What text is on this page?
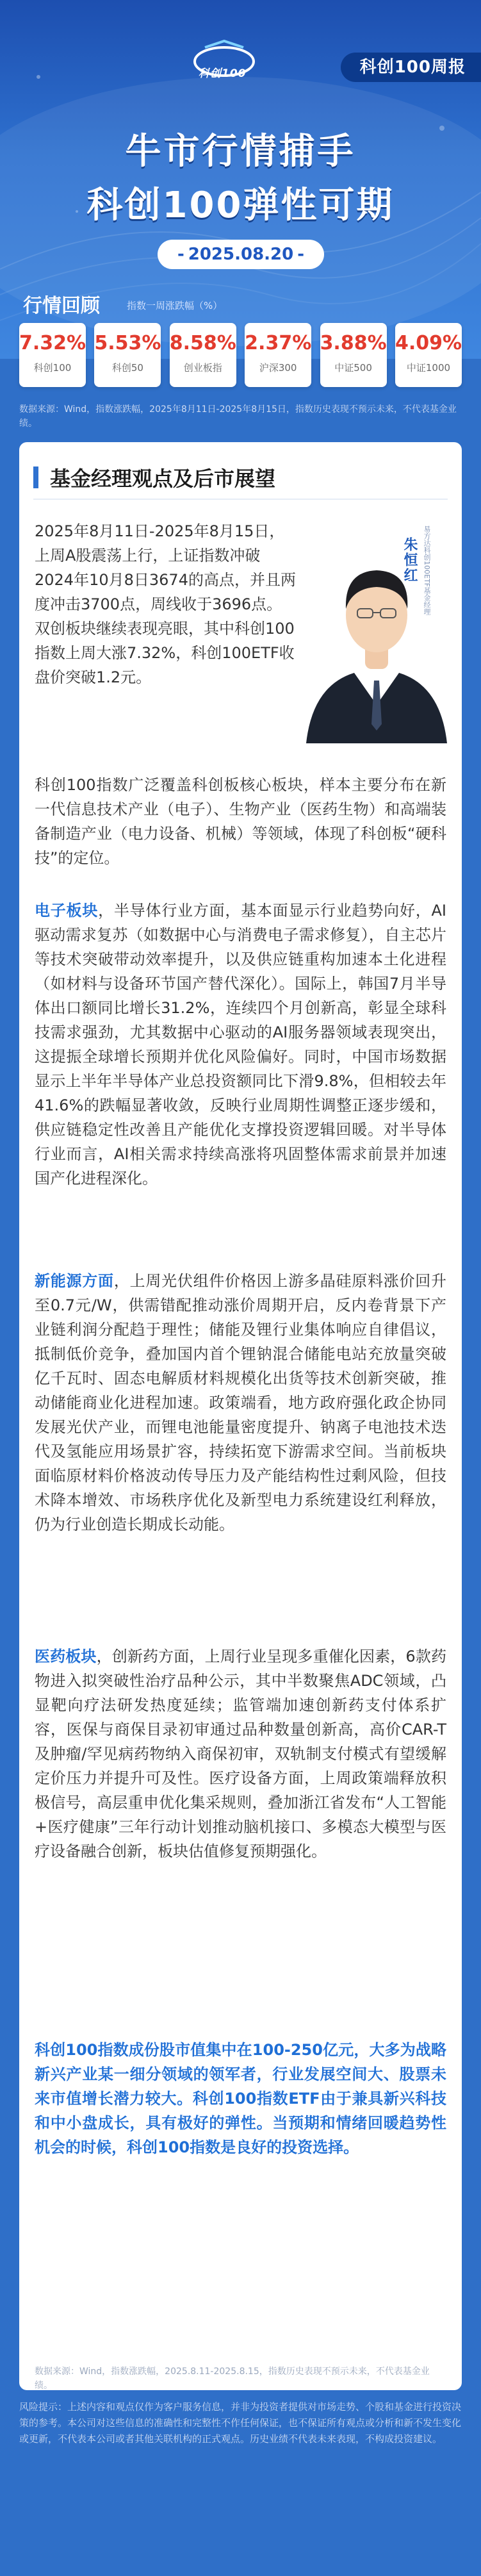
科创100	科创100周报
牛市行情捕手
科创100弹性可期
- 2025.08.20 -
行情回顾	指数一周涨跌幅（%）
7.32%
科创100
5.53%
科创50
8.58%
创业板指
2.37%
沪深300
3.88%
中证500
4.09%
中证1000
数据来源：Wind，指数涨跌幅，2025年8月11日-2025年8月15日，指数历史表现不预示未来，不代表基金业绩。
基金经理观点及后市展望
朱恒红 易方达科创100ETF基金经理
2025年8月11日-2025年8月15日，上周A股震荡上行，上证指数冲破2024年10月8日3674的高点，并且两度冲击3700点，周线收于3696点。双创板块继续表现亮眼，其中科创100指数上周大涨7.32%，科创100ETF收盘价突破1.2元。
科创100指数广泛覆盖科创板核心板块，样本主要分布在新一代信息技术产业（电子）、生物产业（医药生物）和高端装备制造产业（电力设备、机械）等领域，体现了科创板“硬科技”的定位。
电子板块，半导体行业方面，基本面显示行业趋势向好，AI驱动需求复苏（如数据中心与消费电子需求修复），自主芯片等技术突破带动效率提升，以及供应链重构加速本土化进程（如材料与设备环节国产替代深化）。国际上，韩国7月半导体出口额同比增长31.2%，连续四个月创新高，彰显全球科技需求强劲，尤其数据中心驱动的AI服务器领域表现突出，这提振全球增长预期并优化风险偏好。同时，中国市场数据显示上半年半导体产业总投资额同比下滑9.8%，但相较去年41.6%的跌幅显著收敛，反映行业周期性调整正逐步缓和，供应链稳定性改善且产能优化支撑投资逻辑回暖。对半导体行业而言，AI相关需求持续高涨将巩固整体需求前景并加速国产化进程深化。
新能源方面，上周光伏组件价格因上游多晶硅原料涨价回升至0.7元/W，供需错配推动涨价周期开启，反内卷背景下产业链利润分配趋于理性；储能及锂行业集体响应自律倡议，抵制低价竞争，叠加国内首个锂钠混合储能电站充放量突破亿千瓦时、固态电解质材料规模化出货等技术创新突破，推动储能商业化进程加速。政策端看，地方政府强化政企协同发展光伏产业，而锂电池能量密度提升、钠离子电池技术迭代及氢能应用场景扩容，持续拓宽下游需求空间。当前板块面临原材料价格波动传导压力及产能结构性过剩风险，但技术降本增效、市场秩序优化及新型电力系统建设红利释放，仍为行业创造长期成长动能。
医药板块，创新药方面，上周行业呈现多重催化因素，6款药物进入拟突破性治疗品种公示，其中半数聚焦ADC领域，凸显靶向疗法研发热度延续；监管端加速创新药支付体系扩容，医保与商保目录初审通过品种数量创新高，高价CAR-T及肿瘤/罕见病药物纳入商保初审，双轨制支付模式有望缓解定价压力并提升可及性。医疗设备方面，上周政策端释放积极信号，高层重申优化集采规则，叠加浙江省发布“人工智能+医疗健康”三年行动计划推动脑机接口、多模态大模型与医疗设备融合创新，板块估值修复预期强化。
科创100指数成份股市值集中在100-250亿元，大多为战略新兴产业某一细分领域的领军者，行业发展空间大、股票未来市值增长潜力较大。科创100指数ETF由于兼具新兴科技和中小盘成长，具有极好的弹性。当预期和情绪回暖趋势性机会的时候，科创100指数是良好的投资选择。
数据来源：Wind，指数涨跌幅，2025.8.11-2025.8.15，指数历史表现不预示未来，不代表基金业绩。
风险提示：上述内容和观点仅作为客户服务信息，并非为投资者提供对市场走势、个股和基金进行投资决策的参考。本公司对这些信息的准确性和完整性不作任何保证，也不保证所有观点或分析和新不发生变化或更新，不代表本公司或者其他关联机构的正式观点。历史业绩不代表未来表现，不构成投资建议。
